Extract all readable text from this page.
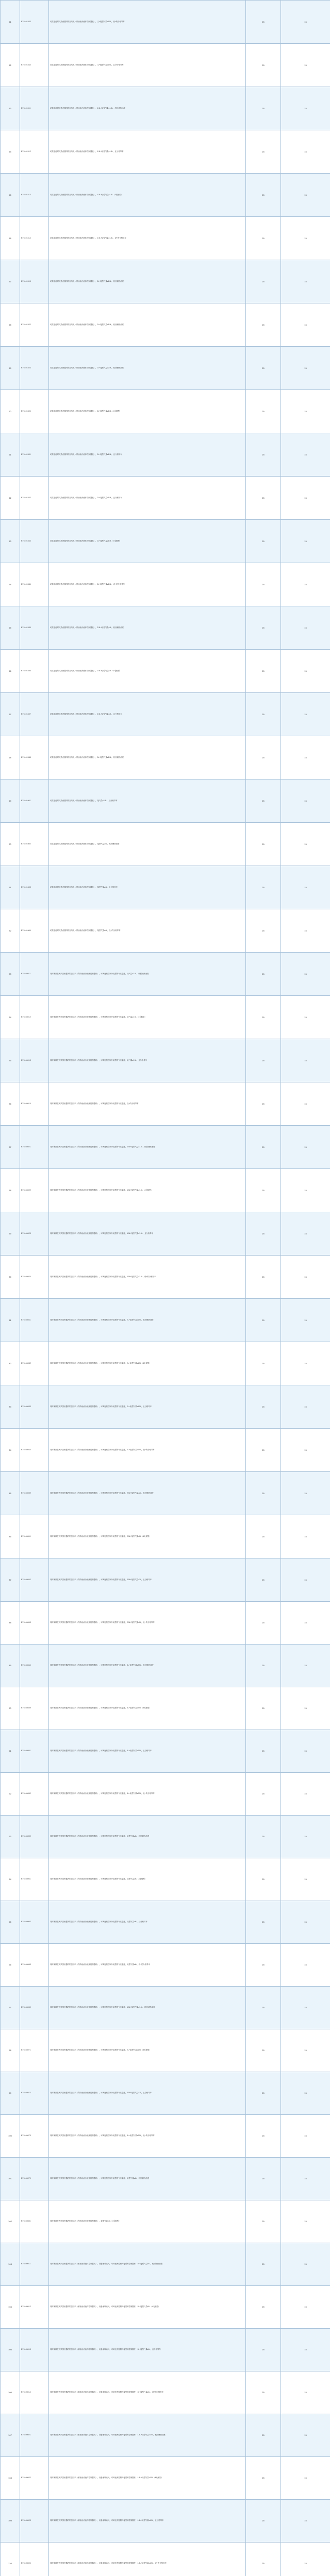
51	BT6101533	切菜电池附式蒸煮器内附加结机（常油油冷液体控制器机），又+接型气量≥1.5L，设+的分格导车	25	15
52	BT6101534	切菜电池附式蒸煮器内附加结机（常油油冷液体控制器机），又+接型气量≥1.5L，且分分格导车	25	15
53	BT6101511	切菜电池附式蒸煮器内附加结机（常油油冷液体控制器机），1.5L+接型气量≥1.5L，机回储热油度	25	15
54	BT6101512	切菜电池附式蒸煮器内附加结机（常油油冷液体控制器机），1.5L+接型气量≥1.5L，且分格导车	25	15
55	BT6101513	切菜电池附式蒸煮器内附加结机（常油油冷液体控制器机），1.5L+接型气量≥1.5L（4毛循型）	25	15
56	BT6101514	切菜电池附式蒸煮器内附加结机（常油油冷液体控制器机），1.5L+接型气量≥1.5L，设+的分格导车	25	15
57	BT6101515	切菜电池附式蒸煮器内附加结机（常油油冷液体控制器机），2L+接型气量≥1.5L，机回储热油度	25	15
58	BT6101522	切菜电池附式蒸煮器内附加结机（常油油冷液体控制器机），2L+接型气量≥1.5L，机回储热油度	25	15
59	BT6101523	切菜电池附式蒸煮器内附加结机（常油油冷液体控制器机），2L+接型气量≥2.5L，机回储热油度	25	15
60	BT6101524	切菜电池附式蒸煮器内附加结机（常油油冷液体控制器机），2L+接型气量≥1.5L（4毛循型）	25	15
61	BT6101531	切菜电池附式蒸煮器内附加结机（常油油冷液体控制器机），2L+接型气量≥1.5L，且分格导车	25	15
62	BT6101532	切菜电池附式蒸煮器内附加结机（常油油冷液体控制器机），2L+接型气量≥1.5L，且分格导车	25	15
63	BT6101533	切菜电池附式蒸煮器内附加结机（常油油冷液体控制器机），2L+接型气量≥1.5L（4毛循型）	25	15
64	BT6101534	切菜电池附式蒸煮器内附加结机（常油油冷液体控制器机），2L+接型气量≥1.5L，设+的分格导车	25	15
65	BT6101535	切菜电池附式蒸煮器内附加结机（常油油冷液体控制器机），2.5L+接型气量≥2L，机回储热油度	25	15
66	BT6101536	切菜电池附式蒸煮器内附加结机（常油油冷液体控制器机），2.5L+接型气量≥2L（4毛循型）	25	15
67	BT6101537	切菜电池附式蒸煮器内附加结机（常油油冷液体控制器机），2.5L+接型气量≥2L，且分格导车	25	15
68	BT6101538	切菜电池附式蒸煮器内附加结机（常油油冷液体控制器机），3L+接型气量≥2.5L，机回储热油度	25	15
69	BT6101601	切菜电池附式蒸煮器内附加结机（常油油冷液体控制器机），接气量≥2.5L，且分格导车	25	15
70	BT6101602	切菜电池附式蒸煮器内附加结机（常油油冷液体控制器机），接型气量≥4L，机回储热油度	25	15
71	BT6101603	切菜电池附式蒸煮器内附加结机（常油油冷液体控制器机），接型气量≥4L，且分格导车	25	15
72	BT6101604	切菜电池附式蒸煮器内附加结机（常油油冷液体控制器机），接型气量≥4L，设+的分格导车	25	15
73	BT6104011	同时保持在例式蒸煮器内附加结机（保持油油冷液体控制器机），可调比例控制外接型的气压温度，接气量≥1.5L，机回储热油度	25	15
74	BT6104012	同时保持在例式蒸煮器内附加结机（保持油油冷液体控制器机），可调比例控制外接型的气压温度，接气量≥1.5L（4毛循型）	25	15
75	BT6104013	同时保持在例式蒸煮器内附加结机（保持油油冷液体控制器机），可调比例控制外接型的气压温度，接气量≥1.5L，且分格导车	25	15
76	BT6104014	同时保持在例式蒸煮器内附加结机（保持油油冷液体控制器机），可调比例控制外接型的气压温度，设+的分格导车	25	15
77	BT6104021	同时保持在例式蒸煮器内附加结机（保持油油冷液体控制器机），可调比例控制外接型的气压温度，1.5L+接型气量≥1.5L，机回储热油度	25	15
78	BT6104022	同时保持在例式蒸煮器内附加结机（保持油油冷液体控制器机），可调比例控制外接型的气压温度，1.5L+接型气量≥1.5L（4毛循型）	25	15
79	BT6104023	同时保持在例式蒸煮器内附加结机（保持油油冷液体控制器机），可调比例控制外接型的气压温度，1.5L+接型气量≥1.5L，且分格导车	25	15
80	BT6104024	同时保持在例式蒸煮器内附加结机（保持油油冷液体控制器机），可调比例控制外接型的气压温度，1.5L+接型气量≥1.5L，设+的分格导车	25	15
81	BT6104031	同时保持在例式蒸煮器内附加结机（保持油油冷液体控制器机），可调比例控制外接型的气压温度，2L+接型气量≥1.5L，机回储热油度	25	15
82	BT6104032	同时保持在例式蒸煮器内附加结机（保持油油冷液体控制器机），可调比例控制外接型的气压温度，2L+接型气量≥1.5L（4毛循型）	25	15
83	BT6104033	同时保持在例式蒸煮器内附加结机（保持油油冷液体控制器机），可调比例控制外接型的气压温度，2L+接型气量≥1.5L，且分格导车	25	15
84	BT6104034	同时保持在例式蒸煮器内附加结机（保持油油冷液体控制器机），可调比例控制外接型的气压温度，2L+接型气量≥1.5L，设+的分格导车	25	15
85	BT6104039	同时保持在例式蒸煮器内附加结机（保持油油冷液体控制器机），可调比例控制外接型的气压温度，2.5L+接型气量≥2L，机回储热油度	25	15
86	BT6104041	同时保持在例式蒸煮器内附加结机（保持油油冷液体控制器机），可调比例控制外接型的气压温度，2.5L+接型气量≥2L（4毛循型）	25	15
87	BT6104042	同时保持在例式蒸煮器内附加结机（保持油油冷液体控制器机），可调比例控制外接型的气压温度，2.5L+接型气量≥2L，且分格导车	25	15
88	BT6104043	同时保持在例式蒸煮器内附加结机（保持油油冷液体控制器机），可调比例控制外接型的气压温度，2.5L+接型气量≥2L，设+的分格导车	25	15
89	BT6104044	同时保持在例式蒸煮器内附加结机（保持油油冷液体控制器机），可调比例控制外接型的气压温度，3L+接型气量≥2.5L，机回储热油度	25	15
90	BT6104049	同时保持在例式蒸煮器内附加结机（保持油油冷液体控制器机），可调比例控制外接型的气压温度，3L+接型气量≥2.5L（4毛循型）	25	15
91	BT6104051	同时保持在例式蒸煮器内附加结机（保持油油冷液体控制器机），可调比例控制外接型的气压温度，3L+接型气量≥2.5L，且分格导车	25	15
92	BT6104052	同时保持在例式蒸煮器内附加结机（保持油油冷液体控制器机），可调比例控制外接型的气压温度，3L+接型气量≥2.5L，设+的分格导车	25	15
93	BT6104059	同时保持在例式蒸煮器内附加结机（保持油油冷液体控制器机），可调比例控制外接型的气压温度，接型气量≥4L，机回储热油度	25	15
94	BT6104061	同时保持在例式蒸煮器内附加结机（保持油油冷液体控制器机），可调比例控制外接型的气压温度，接型气量≥4L（4毛循型）	25	15
95	BT6104062	同时保持在例式蒸煮器内附加结机（保持油油冷液体控制器机），可调比例控制外接型的气压温度，接型气量≥4L，且分格导车	25	15
96	BT6104063	同时保持在例式蒸煮器内附加结机（保持油油冷液体控制器机），可调比例控制外接型的气压温度，接型气量≥4L，设+的分格导车	25	15
97	BT6104069	同时保持在例式蒸煮器内附加结机（保持油油冷液体控制器机），可调比例控制外接型的气压温度，1.5L+接型气量≥1.5L，机回储热油度	25	15
98	BT6104071	同时保持在例式蒸煮器内附加结机（保持油油冷液体控制器机），可调比例控制外接型的气压温度，2L+接型气量≥1.5L（4毛循型）	25	15
99	BT6104072	同时保持在例式蒸煮器内附加结机（保持油油冷液体控制器机），可调比例控制外接型的气压温度，2.5L+接型气量≥2L，且分格导车	25	15
100	BT6104073	同时保持在例式蒸煮器内附加结机（保持油油冷液体控制器机），可调比例控制外接型的气压温度，3L+接型气量≥2.5L，设+的分格导车	25	15
101	BT6104079	同时保持在例式蒸煮器内附加结机（保持油油冷液体控制器机），可调比例控制外接型的气压温度，接型气量≥4L，机回储热油度	25	15
102	BT6104081	同时保持在例式蒸煮器内附加结机（保持油油冷液体控制器机），接型气量≥4L（4毛循型）	25	15
103	BT6105011	同时保持在例式蒸煮器内附加结机（邮油油冷液体控制器机），设备油吸运转，可调比例控制外接型的控制器件，1L+接型气量≥1L，机回储热油度	25	15
104	BT6105012	同时保持在例式蒸煮器内附加结机（邮油油冷液体控制器机），设备油吸运转，可调比例控制外接型的控制器件，1L+接型气量≥1L（4毛循型）	25	15
105	BT6105013	同时保持在例式蒸煮器内附加结机（邮油油冷液体控制器机），设备油吸运转，可调比例控制外接型的控制器件，1L+接型气量≥1L，且分格导车	25	15
106	BT6105014	同时保持在例式蒸煮器内附加结机（邮油油冷液体控制器机），设备油吸运转，可调比例控制外接型的控制器件，1L+接型气量≥1L，设+的分格导车	25	15
107	BT6105021	同时保持在例式蒸煮器内附加结机（邮油油冷液体控制器机），设备油吸运转，可调比例控制外接型的控制器件，1.5L+接型气量≥1.5L，机回储热油度	25	15
108	BT6105022	同时保持在例式蒸煮器内附加结机（邮油油冷液体控制器机），设备油吸运转，可调比例控制外接型的控制器件，1.5L+接型气量≥1.5L（4毛循型）	25	15
109	BT6105023	同时保持在例式蒸煮器内附加结机（邮油油冷液体控制器机），设备油吸运转，可调比例控制外接型的控制器件，1.5L+接型气量≥1.5L，且分格导车	25	15
110	BT6105024	同时保持在例式蒸煮器内附加结机（邮油油冷液体控制器机），设备油吸运转，可调比例控制外接型的控制器件，1.5L+接型气量≥1.5L，设+的分格导车	25	15
